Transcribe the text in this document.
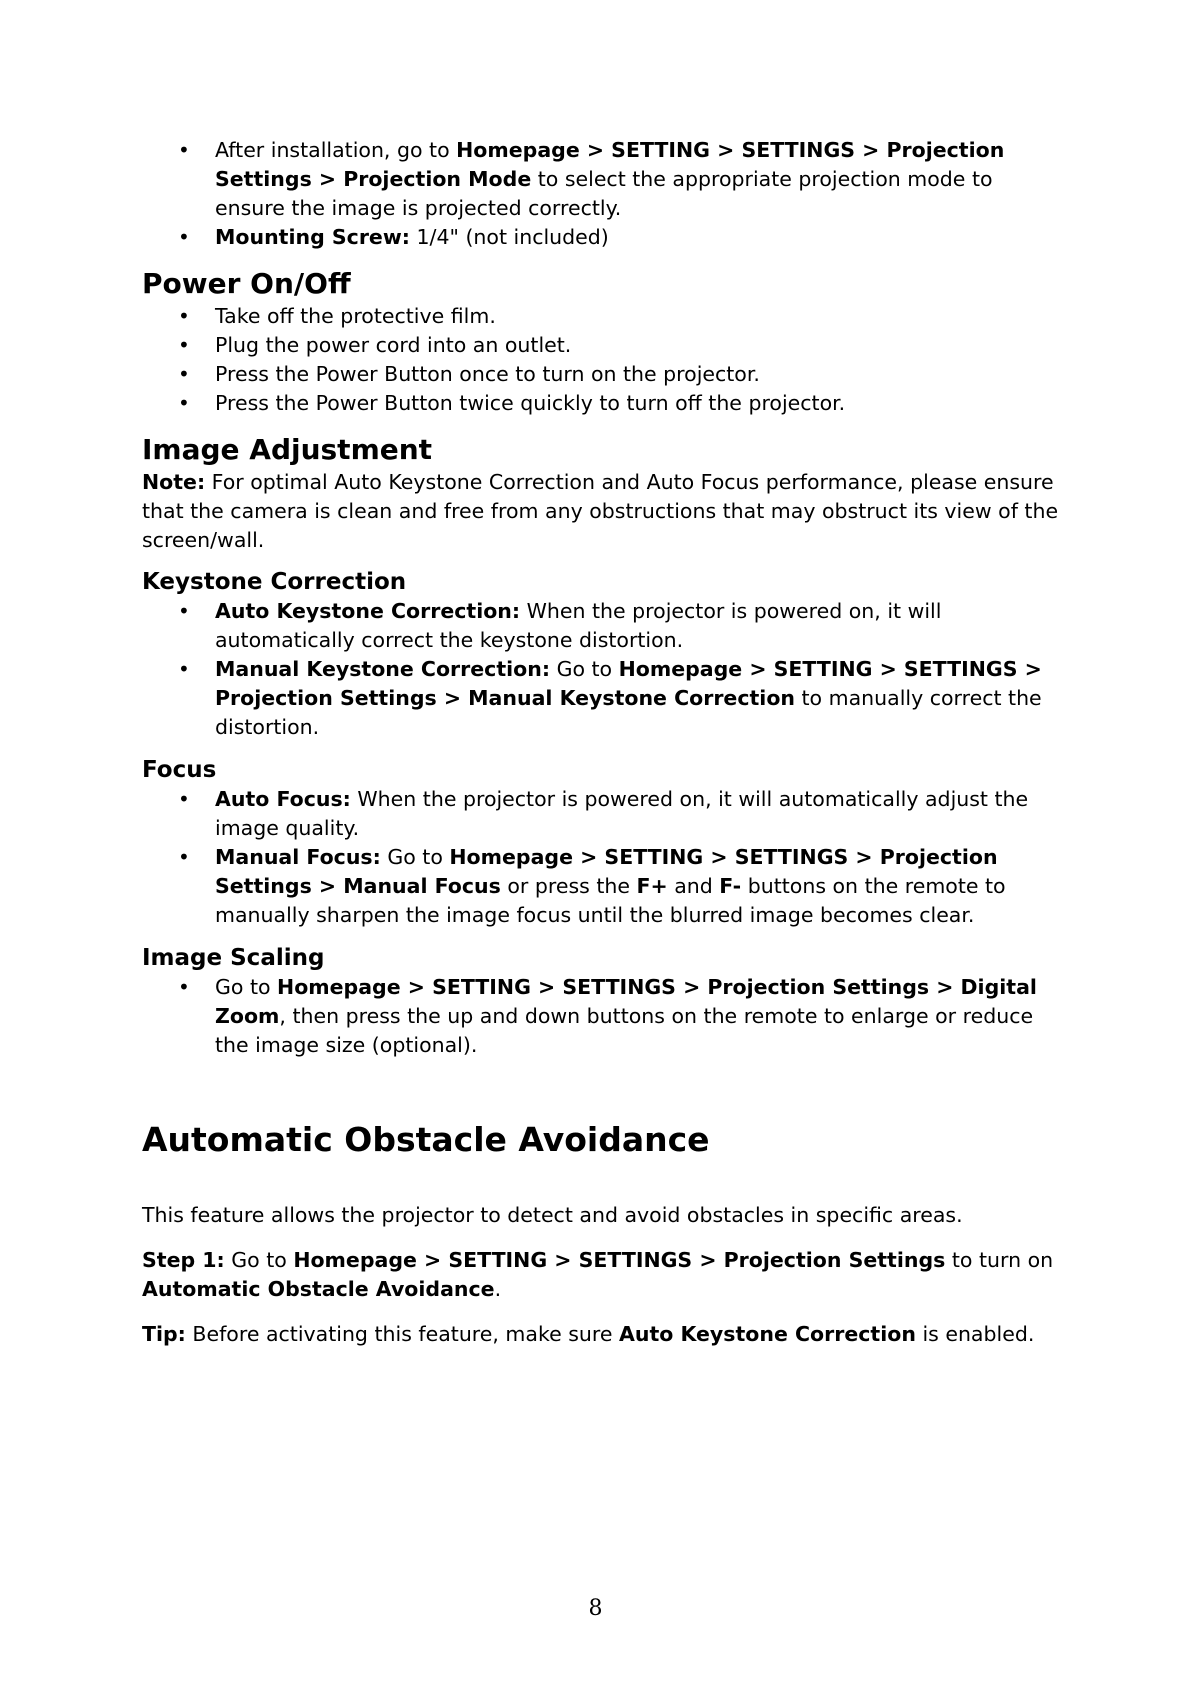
• After installation, go to Homepage > SETTING > SETTINGS > Projection Settings > Projection Mode to select the appropriate projection mode to ensure the image is projected correctly.
• Mounting Screw: 1/4" (not included)
Power On/Off
• Take off the protective film.
• Plug the power cord into an outlet.
• Press the Power Button once to turn on the projector.
• Press the Power Button twice quickly to turn off the projector.
Image Adjustment

Note: For optimal Auto Keystone Correction and Auto Focus performance, please ensure that the camera is clean and free from any obstructions that may obstruct its view of the screen/wall.

Keystone Correction
• Auto Keystone Correction: When the projector is powered on, it will automatically correct the keystone distortion.
• Manual Keystone Correction: Go to Homepage > SETTING > SETTINGS > Projection Settings > Manual Keystone Correction to manually correct the distortion.
Focus
• Auto Focus: When the projector is powered on, it will automatically adjust the image quality.
• Manual Focus: Go to Homepage > SETTING > SETTINGS > Projection Settings > Manual Focus or press the F+ and F- buttons on the remote to manually sharpen the image focus until the blurred image becomes clear.
Image Scaling
• Go to Homepage > SETTING > SETTINGS > Projection Settings > Digital Zoom, then press the up and down buttons on the remote to enlarge or reduce the image size (optional).
Automatic Obstacle Avoidance

This feature allows the projector to detect and avoid obstacles in specific areas.

Step 1: Go to Homepage > SETTING > SETTINGS > Projection Settings to turn on Automatic Obstacle Avoidance.

Tip: Before activating this feature, make sure Auto Keystone Correction is enabled.

8
